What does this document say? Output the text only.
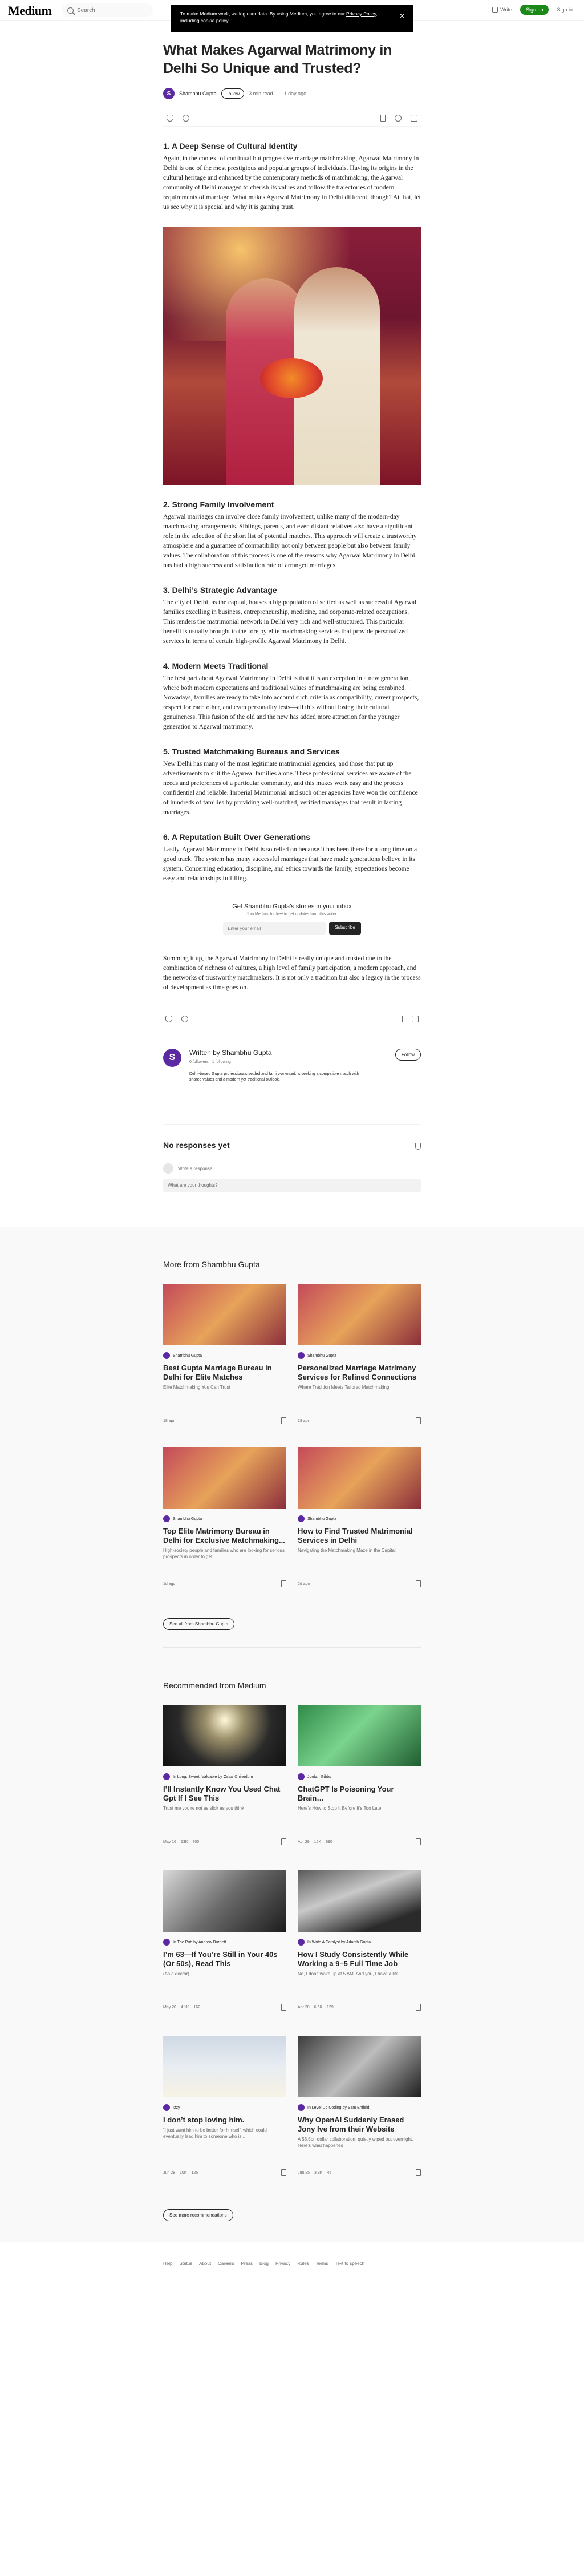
Medium
Search	Write	Sign up	Sign in
To make Medium work, we log user data. By using Medium, you agree to our Privacy Policy, including cookie policy.
✕
What Makes Agarwal Matrimony in Delhi So Unique and Trusted?
S	Shambhu Gupta	Follow	3 min read · 1 day ago
1. A Deep Sense of Cultural Identity

Again, in the context of continual but progressive marriage matchmaking, Agarwal Matrimony in Delhi is one of the most prestigious and popular groups of individuals. Having its origins in the cultural heritage and enhanced by the contemporary methods of matchmaking, the Agarwal community of Delhi managed to cherish its values and follow the trajectories of modern requirements of marriage. What makes Agarwal Matrimony in Delhi different, though? At that, let us see why it is special and why it is gaining trust.

2. Strong Family Involvement

Agarwal marriages can involve close family involvement, unlike many of the modern-day matchmaking arrangements. Siblings, parents, and even distant relatives also have a significant role in the selection of the short list of potential matches. This approach will create a trustworthy atmosphere and a guarantee of compatibility not only between people but also between family values. The collaboration of this process is one of the reasons why Agarwal Matrimony in Delhi has had a high success and satisfaction rate of arranged marriages.

3. Delhi’s Strategic Advantage

The city of Delhi, as the capital, houses a big population of settled as well as successful Agarwal families excelling in business, entrepreneurship, medicine, and corporate-related occupations. This renders the matrimonial network in Delhi very rich and well-structured. This particular benefit is usually brought to the fore by elite matchmaking services that provide personalized services in terms of certain high-profile Agarwal Matrimony in Delhi.

4. Modern Meets Traditional

The best part about Agarwal Matrimony in Delhi is that it is an exception in a new generation, where both modern expectations and traditional values of matchmaking are being combined. Nowadays, families are ready to take into account such criteria as compatibility, career prospects, respect for each other, and even personality tests—all this without losing their cultural genuineness. This fusion of the old and the new has added more attraction for the younger generation to Agarwal matrimony.

5. Trusted Matchmaking Bureaus and Services

New Delhi has many of the most legitimate matrimonial agencies, and those that put up advertisements to suit the Agarwal families alone. These professional services are aware of the needs and preferences of a particular community, and this makes work easy and the process confidential and reliable. Imperial Matrimonial and such other agencies have won the confidence of hundreds of families by providing well-matched, verified marriages that result in lasting marriages.

6. A Reputation Built Over Generations

Lastly, Agarwal Matrimony in Delhi is so relied on because it has been there for a long time on a good track. The system has many successful marriages that have made generations believe in its system. Concerning education, discipline, and ethics towards the family, expectations become easy and relationships fulfilling.

Get Shambhu Gupta’s stories in your inbox
Join Medium for free to get updates from this writer.
Enter your email
Subscribe

Summing it up, the Agarwal Matrimony in Delhi is really unique and trusted due to the combination of richness of cultures, a high level of family participation, a modern approach, and the networks of trustworthy matchmakers. It is not only a tradition but also a legacy in the process of development as time goes on.

S	Written by Shambhu Gupta
0 followers · 1 following
Delhi-based Gupta professionals settled and family-oriented, is seeking a compatible match with shared values and a modern yet traditional outlook.
Follow
No responses yet
Write a response
What are your thoughts?
More from Shambhu Gupta
Shambhu Gupta
Best Gupta Marriage Bureau in Delhi for Elite Matches
Elite Matchmaking You Can Trust
18 apr
Shambhu Gupta
Personalized Marriage Matrimony Services for Refined Connections
Where Tradition Meets Tailored Matchmaking
18 apr
Shambhu Gupta
Top Elite Matrimony Bureau in Delhi for Exclusive Matchmaking...
High-society people and families who are looking for serious prospects in order to get...
1d ago
Shambhu Gupta
How to Find Trusted Matrimonial Services in Delhi
Navigating the Matchmaking Maze in the Capital
2d ago
See all from Shambhu Gupta
Recommended from Medium
In Long, Sweet, Valuable by Ossai Chinedum
I’ll Instantly Know You Used Chat Gpt If I See This
Trust me you’re not as slick as you think
May 16 13K 700
Jordan Gibbs
ChatGPT Is Poisoning Your Brain…
Here’s How to Stop It Before It’s Too Late.
Apr 29 15K 690
In The Pub by Andrew Burnett
I’m 63—If You’re Still in Your 40s (Or 50s), Read This
(As a doctor)
May 20 4.1K 162
In Write A Catalyst by Adarsh Gupta
How I Study Consistently While Working a 9–5 Full Time Job
No, I don’t wake up at 5 AM. And you, I have a life.
Apr 20 6.5K 129
Izzy
I don’t stop loving him.
“I just want him to be better for himself, which could eventually lead him to someone who is...
Jun 28 10K 125
In Level Up Coding by Sam Enfield
Why OpenAI Suddenly Erased Jony Ive from their Website
A $6.5bn dollar collaboration, quietly wiped out overnight. Here’s what happened
Jun 25 3.8K 45
See more recommendations
Help Status About Careers Press Blog Privacy Rules Terms Text to speech
